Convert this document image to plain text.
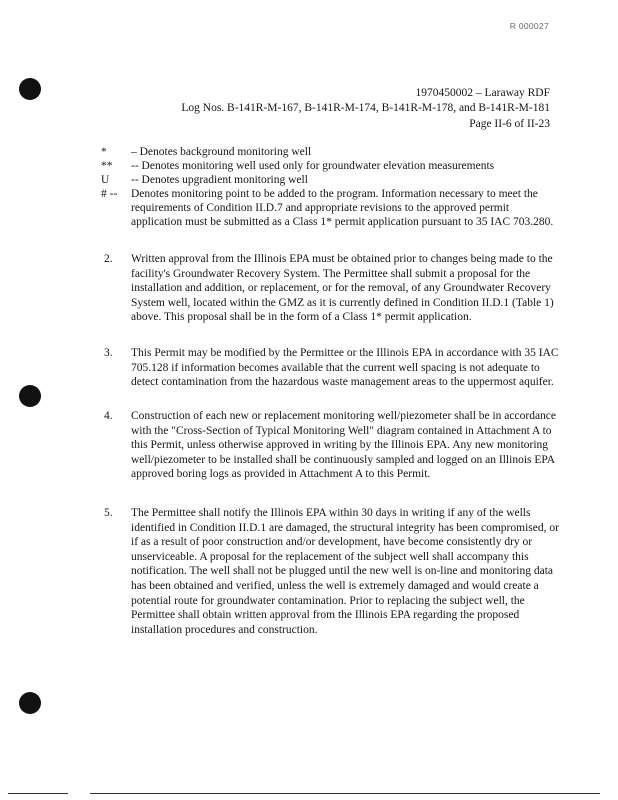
R 000027
1970450002 – Laraway RDF
Log Nos. B-141R-M-167, B-141R-M-174, B-141R-M-178, and B-141R-M-181
Page II-6 of II-23
*	– Denotes background monitoring well
**	-- Denotes monitoring well used only for groundwater elevation measurements
U	-- Denotes upgradient monitoring well
# --	Denotes monitoring point to be added to the program. Information necessary to meet the requirements of Condition II.D.7 and appropriate revisions to the approved permit application must be submitted as a Class 1* permit application pursuant to 35 IAC 703.280.
2.	Written approval from the Illinois EPA must be obtained prior to changes being made to the facility's Groundwater Recovery System. The Permittee shall submit a proposal for the installation and addition, or replacement, or for the removal, of any Groundwater Recovery System well, located within the GMZ as it is currently defined in Condition II.D.1 (Table 1) above. This proposal shall be in the form of a Class 1* permit application.
3.	This Permit may be modified by the Permittee or the Illinois EPA in accordance with 35 IAC 705.128 if information becomes available that the current well spacing is not adequate to detect contamination from the hazardous waste management areas to the uppermost aquifer.
4.	Construction of each new or replacement monitoring well/piezometer shall be in accordance with the "Cross-Section of Typical Monitoring Well" diagram contained in Attachment A to this Permit, unless otherwise approved in writing by the Illinois EPA. Any new monitoring well/piezometer to be installed shall be continuously sampled and logged on an Illinois EPA approved boring logs as provided in Attachment A to this Permit.
5.	The Permittee shall notify the Illinois EPA within 30 days in writing if any of the wells identified in Condition II.D.1 are damaged, the structural integrity has been compromised, or if as a result of poor construction and/or development, have become consistently dry or unserviceable. A proposal for the replacement of the subject well shall accompany this notification. The well shall not be plugged until the new well is on-line and monitoring data has been obtained and verified, unless the well is extremely damaged and would create a potential route for groundwater contamination. Prior to replacing the subject well, the Permittee shall obtain written approval from the Illinois EPA regarding the proposed installation procedures and construction.
